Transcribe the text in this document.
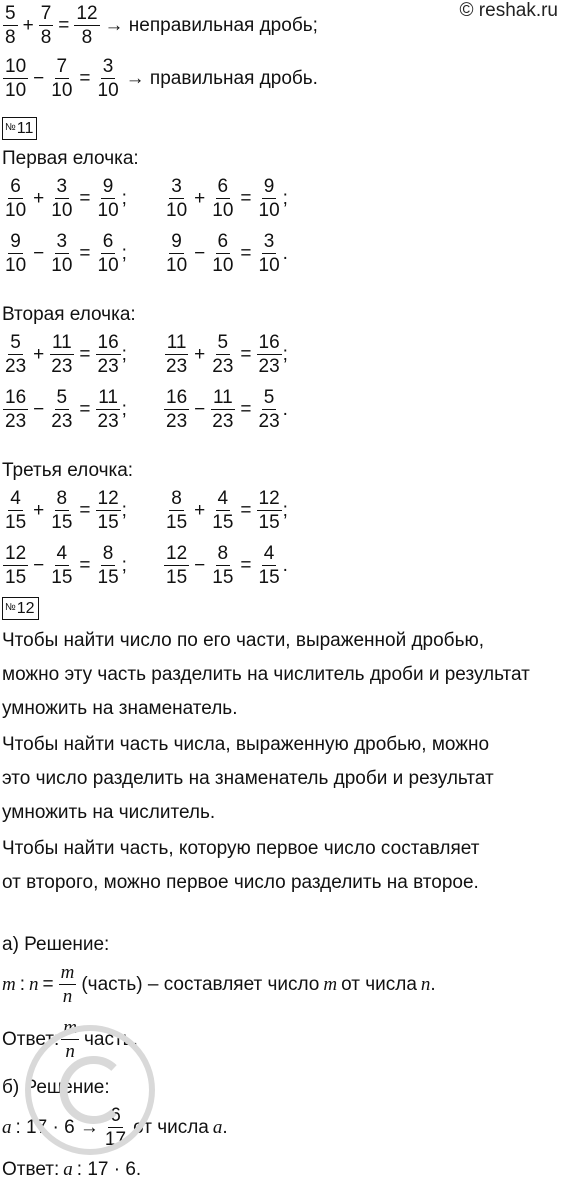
© reshak.ru
$\frac{5}{8} + \frac{7}{8} = \frac{12}{8}$ → неправильная дробь;
$\frac{10}{10} - \frac{7}{10} = \frac{3}{10}$ → правильная дробь.
№11
Первая елочка:
$\frac{6}{10} + \frac{3}{10} = \frac{9}{10}$ ; $\frac{3}{10} + \frac{6}{10} = \frac{9}{10}$ ;
$\frac{9}{10} - \frac{3}{10} = \frac{6}{10}$ ; $\frac{9}{10} - \frac{6}{10} = \frac{3}{10}$ .
Вторая елочка:
$\frac{5}{23} + \frac{11}{23} = \frac{16}{23}$ ; $\frac{11}{23} + \frac{5}{23} = \frac{16}{23}$ ;
$\frac{16}{23} - \frac{5}{23} = \frac{11}{23}$ ; $\frac{16}{23} - \frac{11}{23} = \frac{5}{23}$ .
Третья елочка:
$\frac{4}{15} + \frac{8}{15} = \frac{12}{15}$ ; $\frac{8}{15} + \frac{4}{15} = \frac{12}{15}$ ;
$\frac{12}{15} - \frac{4}{15} = \frac{8}{15}$ ; $\frac{12}{15} - \frac{8}{15} = \frac{4}{15}$ .
№12
Чтобы найти число по его части, выраженной дробью,
можно эту часть разделить на числитель дроби и результат
умножить на знаменатель.
Чтобы найти часть числа, выраженную дробью, можно
это число разделить на знаменатель дроби и результат
умножить на числитель.
Чтобы найти часть, которую первое число составляет
от второго, можно первое число разделить на второе.
а) Решение:
m : $n = \frac{m}{n}$ (часть) – составляет число m от числа n .
Ответ: $\frac{m}{n}$ часть.
б) Решение:
a : $17 \cdot 6 \to \frac{6}{17}$ от числа a .
Ответ: a : 17 · 6.
